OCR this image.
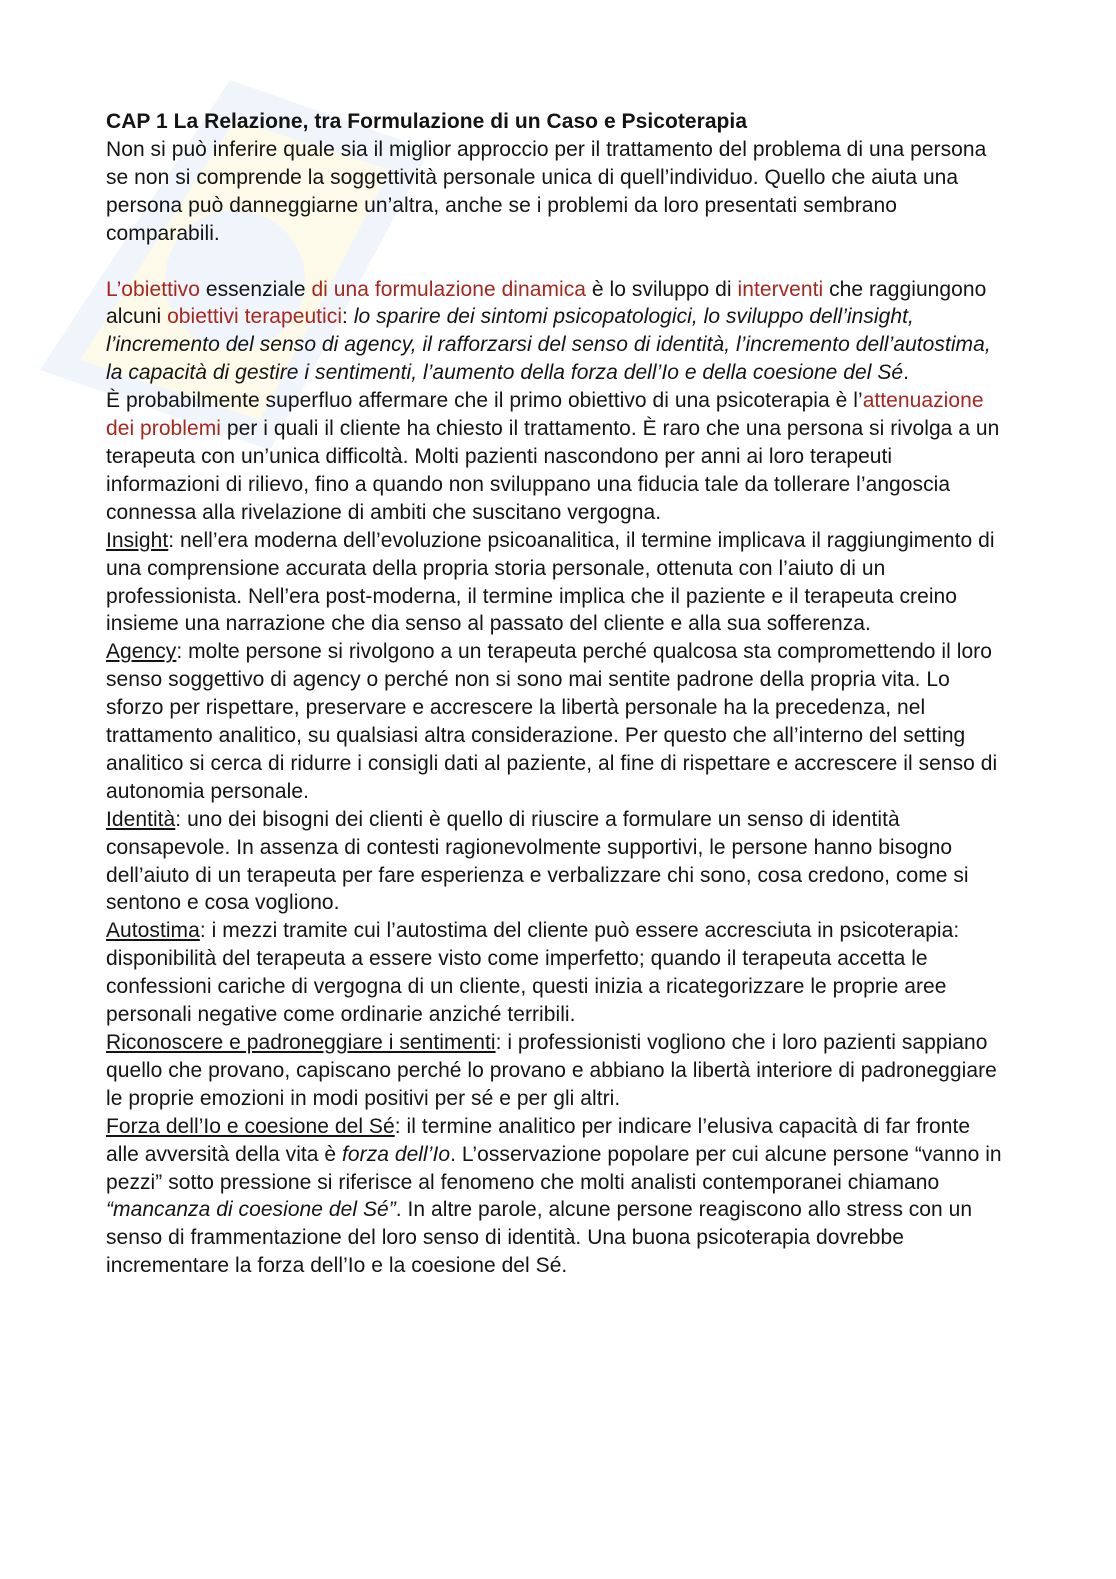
CAP 1 La Relazione, tra Formulazione di un Caso e Psicoterapia

Non si può inferire quale sia il miglior approccio per il trattamento del problema di una persona se non si comprende la soggettività personale unica di quell’individuo. Quello che aiuta una persona può danneggiarne un’altra, anche se i problemi da loro presentati sembrano comparabili.

L’obiettivo essenziale di una formulazione dinamica è lo sviluppo di interventi che raggiungono alcuni obiettivi terapeutici: lo sparire dei sintomi psicopatologici, lo sviluppo dell’insight, l’incremento del senso di agency, il rafforzarsi del senso di identità, l’incremento dell’autostima, la capacità di gestire i sentimenti, l’aumento della forza dell’Io e della coesione del Sé.

È probabilmente superfluo affermare che il primo obiettivo di una psicoterapia è l’attenuazione dei problemi per i quali il cliente ha chiesto il trattamento. È raro che una persona si rivolga a un terapeuta con un’unica difficoltà. Molti pazienti nascondono per anni ai loro terapeuti informazioni di rilievo, fino a quando non sviluppano una fiducia tale da tollerare l’angoscia connessa alla rivelazione di ambiti che suscitano vergogna.

Insight: nell’era moderna dell’evoluzione psicoanalitica, il termine implicava il raggiungimento di una comprensione accurata della propria storia personale, ottenuta con l’aiuto di un professionista. Nell’era post-moderna, il termine implica che il paziente e il terapeuta creino insieme una narrazione che dia senso al passato del cliente e alla sua sofferenza.

Agency: molte persone si rivolgono a un terapeuta perché qualcosa sta compromettendo il loro senso soggettivo di agency o perché non si sono mai sentite padrone della propria vita. Lo sforzo per rispettare, preservare e accrescere la libertà personale ha la precedenza, nel trattamento analitico, su qualsiasi altra considerazione. Per questo che all’interno del setting analitico si cerca di ridurre i consigli dati al paziente, al fine di rispettare e accrescere il senso di autonomia personale.

Identità: uno dei bisogni dei clienti è quello di riuscire a formulare un senso di identità consapevole. In assenza di contesti ragionevolmente supportivi, le persone hanno bisogno dell’aiuto di un terapeuta per fare esperienza e verbalizzare chi sono, cosa credono, come si sentono e cosa vogliono.

Autostima: i mezzi tramite cui l’autostima del cliente può essere accresciuta in psicoterapia: disponibilità del terapeuta a essere visto come imperfetto; quando il terapeuta accetta le confessioni cariche di vergogna di un cliente, questi inizia a ricategorizzare le proprie aree personali negative come ordinarie anziché terribili.

Riconoscere e padroneggiare i sentimenti: i professionisti vogliono che i loro pazienti sappiano quello che provano, capiscano perché lo provano e abbiano la libertà interiore di padroneggiare le proprie emozioni in modi positivi per sé e per gli altri.

Forza dell’Io e coesione del Sé: il termine analitico per indicare l’elusiva capacità di far fronte alle avversità della vita è forza dell’Io. L’osservazione popolare per cui alcune persone “vanno in pezzi” sotto pressione si riferisce al fenomeno che molti analisti contemporanei chiamano “mancanza di coesione del Sé”. In altre parole, alcune persone reagiscono allo stress con un senso di frammentazione del loro senso di identità. Una buona psicoterapia dovrebbe incrementare la forza dell’Io e la coesione del Sé.
